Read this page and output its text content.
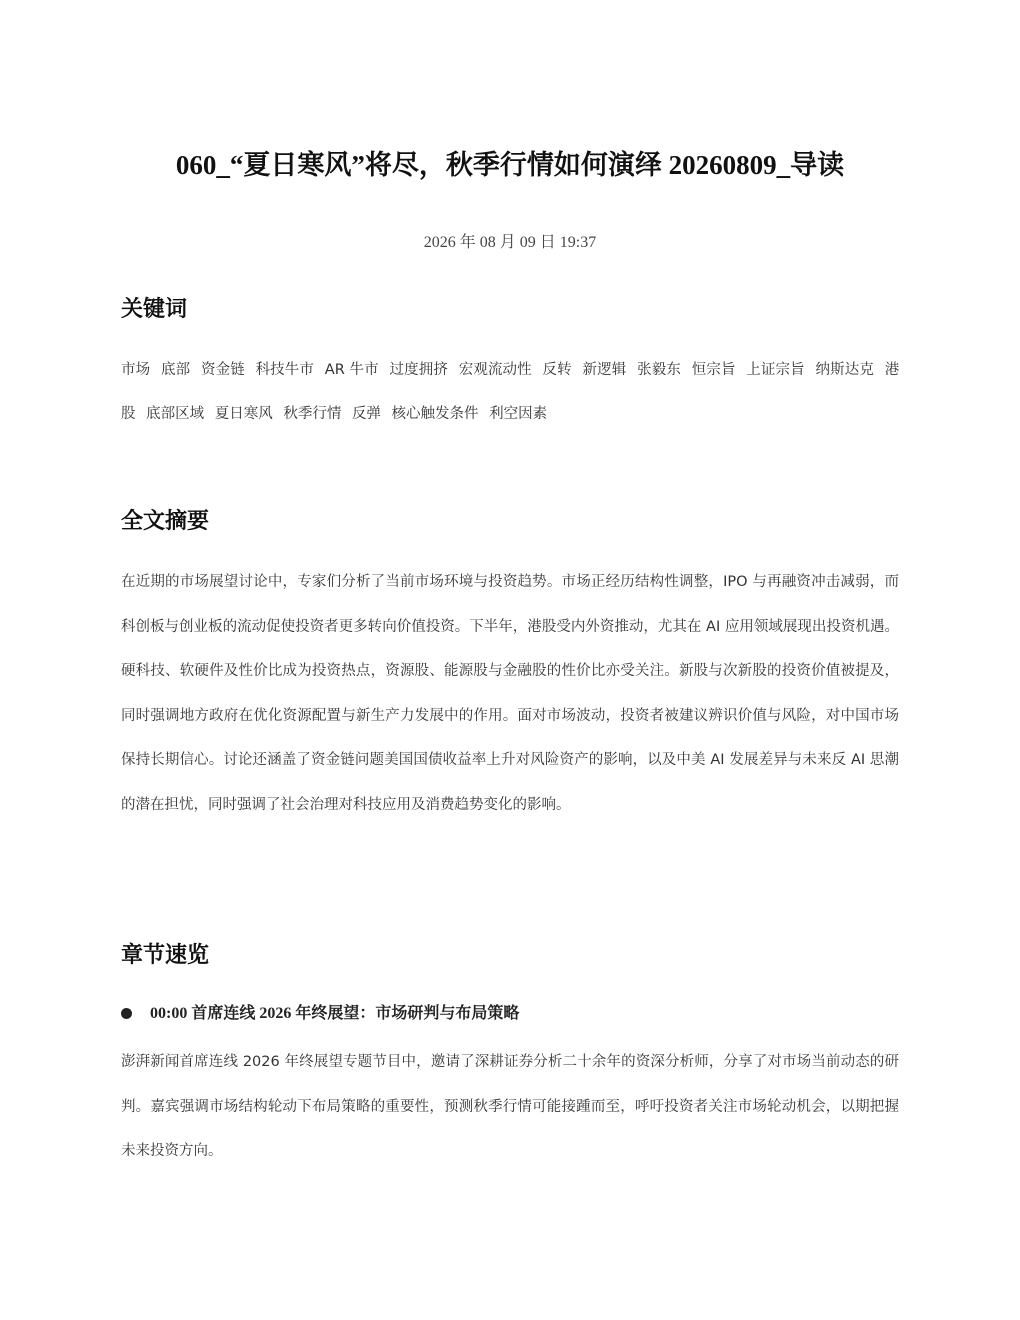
060_“夏日寒风”将尽，秋季行情如何演绎 20260809_导读
2026 年 08 月 09 日 19:37
关键词
市场 底部 资金链 科技牛市 AR 牛市 过度拥挤 宏观流动性 反转 新逻辑 张毅东 恒宗旨 上证宗旨 纳斯达克 港股 底部区域 夏日寒风 秋季行情 反弹 核心触发条件 利空因素
全文摘要

在近期的市场展望讨论中，专家们分析了当前市场环境与投资趋势。市场正经历结构性调整，IPO 与再融资冲击减弱，而科创板与创业板的流动促使投资者更多转向价值投资。下半年，港股受内外资推动，尤其在 AI 应用领域展现出投资机遇。硬科技、软硬件及性价比成为投资热点，资源股、能源股与金融股的性价比亦受关注。新股与次新股的投资价值被提及，同时强调地方政府在优化资源配置与新生产力发展中的作用。面对市场波动，投资者被建议辨识价值与风险，对中国市场保持长期信心。讨论还涵盖了资金链问题美国国债收益率上升对风险资产的影响，以及中美 AI 发展差异与未来反 AI 思潮的潜在担忧，同时强调了社会治理对科技应用及消费趋势变化的影响。

章节速览
00:00 首席连线 2026 年终展望：市场研判与布局策略

澎湃新闻首席连线 2026 年终展望专题节目中，邀请了深耕证券分析二十余年的资深分析师，分享了对市场当前动态的研判。嘉宾强调市场结构轮动下布局策略的重要性，预测秋季行情可能接踵而至，呼吁投资者关注市场轮动机会，以期把握未来投资方向。
